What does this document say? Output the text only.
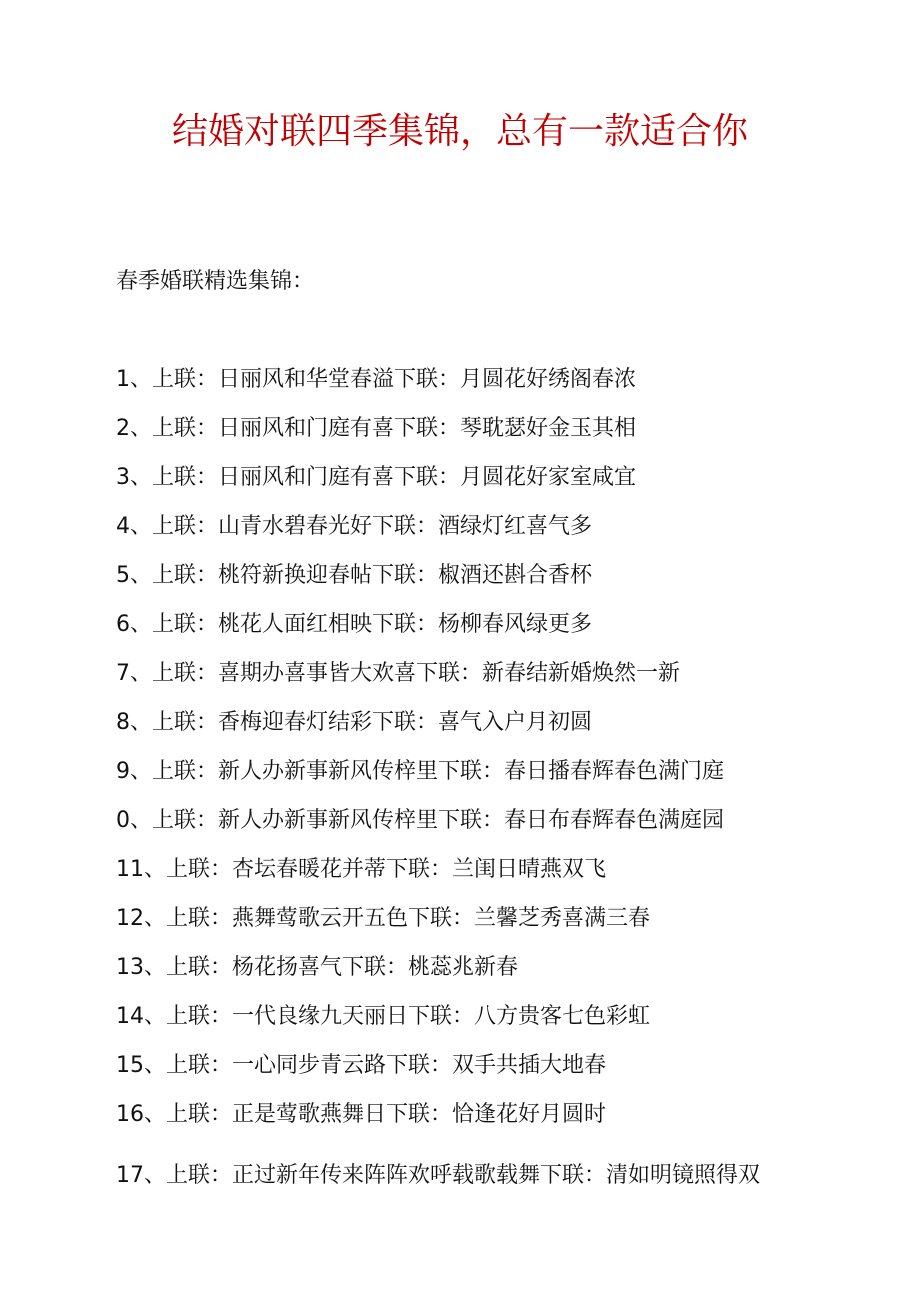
结婚对联四季集锦，总有一款适合你
春季婚联精选集锦：
1、上联：日丽风和华堂春溢下联：月圆花好绣阁春浓
2、上联：日丽风和门庭有喜下联：琴耽瑟好金玉其相
3、上联：日丽风和门庭有喜下联：月圆花好家室咸宜
4、上联：山青水碧春光好下联：酒绿灯红喜气多
5、上联：桃符新换迎春帖下联：椒酒还斟合香杯
6、上联：桃花人面红相映下联：杨柳春风绿更多
7、上联：喜期办喜事皆大欢喜下联：新春结新婚焕然一新
8、上联：香梅迎春灯结彩下联：喜气入户月初圆
9、上联：新人办新事新风传梓里下联：春日播春辉春色满门庭
0、上联：新人办新事新风传梓里下联：春日布春辉春色满庭园
11、上联：杏坛春暖花并蒂下联：兰闺日晴燕双飞
12、上联：燕舞莺歌云开五色下联：兰馨芝秀喜满三春
13、上联：杨花扬喜气下联：桃蕊兆新春
14、上联：一代良缘九天丽日下联：八方贵客七色彩虹
15、上联：一心同步青云路下联：双手共插大地春
16、上联：正是莺歌燕舞日下联：恰逢花好月圆时
17、上联：正过新年传来阵阵欢呼载歌载舞下联：清如明镜照得双
